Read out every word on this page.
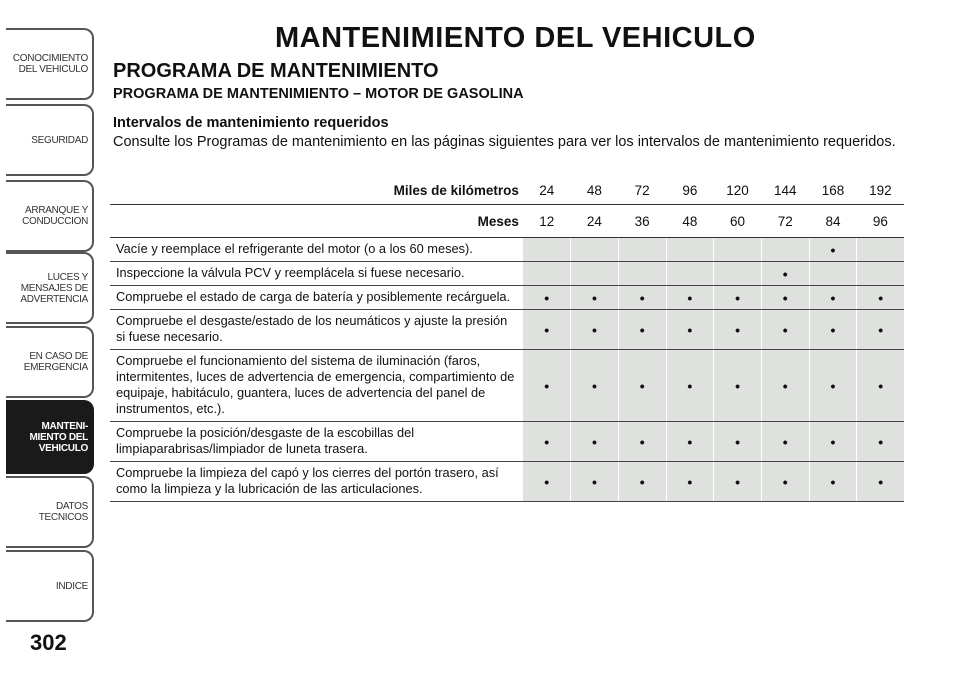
CONOCIMIENTO
DEL VEHICULO
SEGURIDAD
ARRANQUE Y
CONDUCCION
LUCES Y
MENSAJES DE
ADVERTENCIA
EN CASO DE
EMERGENCIA
MANTENI-
MIENTO DEL
VEHICULO
DATOS
TECNICOS
INDICE
302
MANTENIMIENTO DEL VEHICULO
PROGRAMA DE MANTENIMIENTO
PROGRAMA DE MANTENIMIENTO – MOTOR DE GASOLINA
Intervalos de mantenimiento requeridos

Consulte los Programas de mantenimiento en las páginas siguientes para ver los intervalos de mantenimiento requeridos.

Miles de kilómetros	24	48	72	96	120	144	168	192
Meses	12	24	36	48	60	72	84	96
Vacíe y reemplace el refrigerante del motor (o a los 60 meses).							•	
Inspeccione la válvula PCV y reemplácela si fuese necesario.						•		
Compruebe el estado de carga de batería y posiblemente recárguela.	•	•	•	•	•	•	•	•
Compruebe el desgaste/estado de los neumáticos y ajuste la presión si fuese necesario.	•	•	•	•	•	•	•	•
Compruebe el funcionamiento del sistema de iluminación (faros, intermitentes, luces de advertencia de emergencia, compartimiento de equipaje, habitáculo, guantera, luces de advertencia del panel de instrumentos, etc.).	•	•	•	•	•	•	•	•
Compruebe la posición/desgaste de la escobillas del limpiaparabrisas/limpiador de luneta trasera.	•	•	•	•	•	•	•	•
Compruebe la limpieza del capó y los cierres del portón trasero, así como la limpieza y la lubricación de las articulaciones.	•	•	•	•	•	•	•	•
